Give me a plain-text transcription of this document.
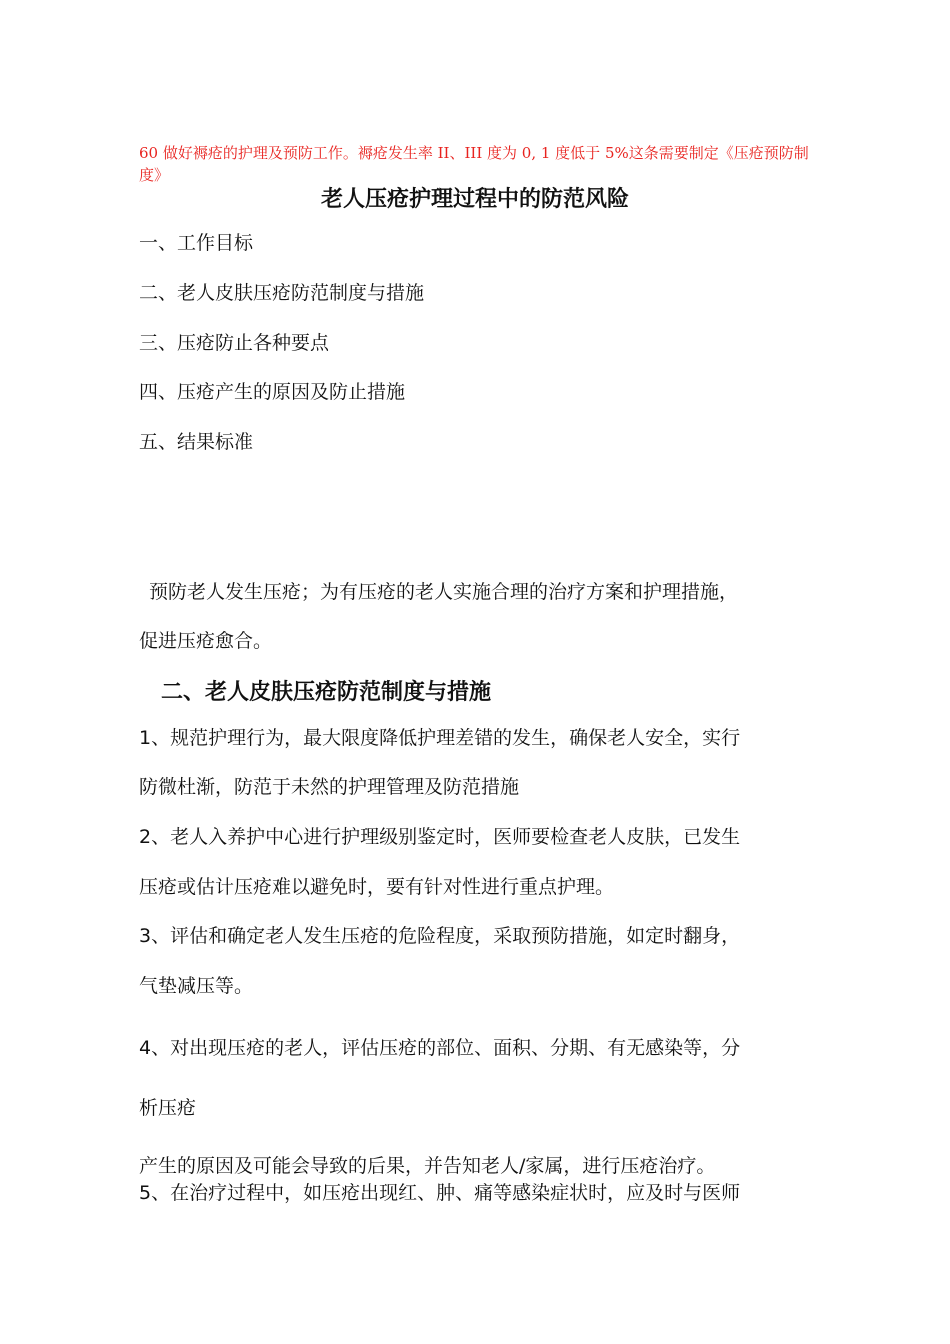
60 做好褥疮的护理及预防工作。褥疮发生率 II、III 度为 0, 1 度低于 5%这条需要制定《压疮预防制度》
老人压疮护理过程中的防范风险
一、工作目标
二、老人皮肤压疮防范制度与措施
三、压疮防止各种要点
四、压疮产生的原因及防止措施
五、结果标准
预防老人发生压疮；为有压疮的老人实施合理的治疗方案和护理措施，
促进压疮愈合。
二、老人皮肤压疮防范制度与措施
1、规范护理行为，最大限度降低护理差错的发生，确保老人安全，实行
防微杜渐，防范于未然的护理管理及防范措施
2、老人入养护中心进行护理级别鉴定时，医师要检查老人皮肤，已发生
压疮或估计压疮难以避免时，要有针对性进行重点护理。
3、评估和确定老人发生压疮的危险程度，采取预防措施，如定时翻身，
气垫减压等。
4、对出现压疮的老人，评估压疮的部位、面积、分期、有无感染等，分
析压疮
产生的原因及可能会导致的后果，并告知老人/家属，进行压疮治疗。
5、在治疗过程中，如压疮出现红、肿、痛等感染症状时，应及时与医师
